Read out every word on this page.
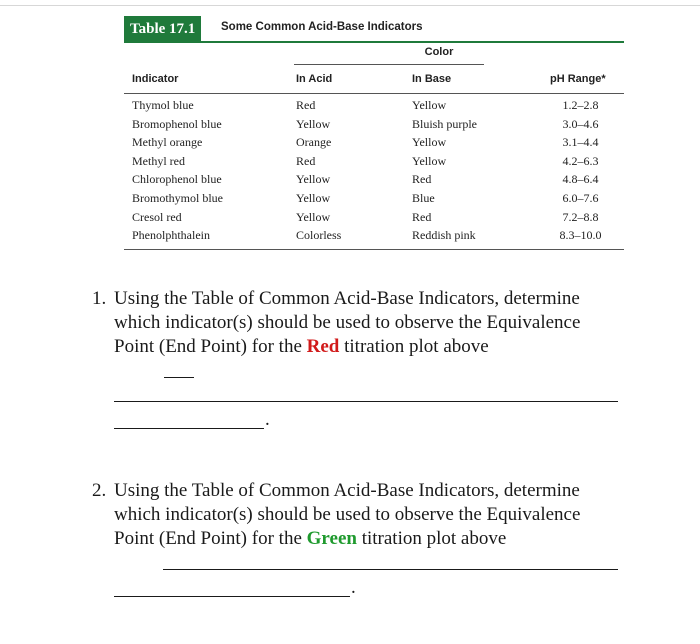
Table 17.1	Some Common Acid-Base Indicators
Color
Indicator	In Acid	In Base	pH Range*
Thymol blue	Red	Yellow	1.2–2.8
Bromophenol blue	Yellow	Bluish purple	3.0–4.6
Methyl orange	Orange	Yellow	3.1–4.4
Methyl red	Red	Yellow	4.2–6.3
Chlorophenol blue	Yellow	Red	4.8–6.4
Bromothymol blue	Yellow	Blue	6.0–7.6
Cresol red	Yellow	Red	7.2–8.8
Phenolphthalein	Colorless	Reddish pink	8.3–10.0
1. Using the Table of Common Acid-Base Indicators, determine which indicator(s) should be used to observe the Equivalence Point (End Point) for the Red titration plot above
.
2. Using the Table of Common Acid-Base Indicators, determine which indicator(s) should be used to observe the Equivalence Point (End Point) for the Green titration plot above
.
